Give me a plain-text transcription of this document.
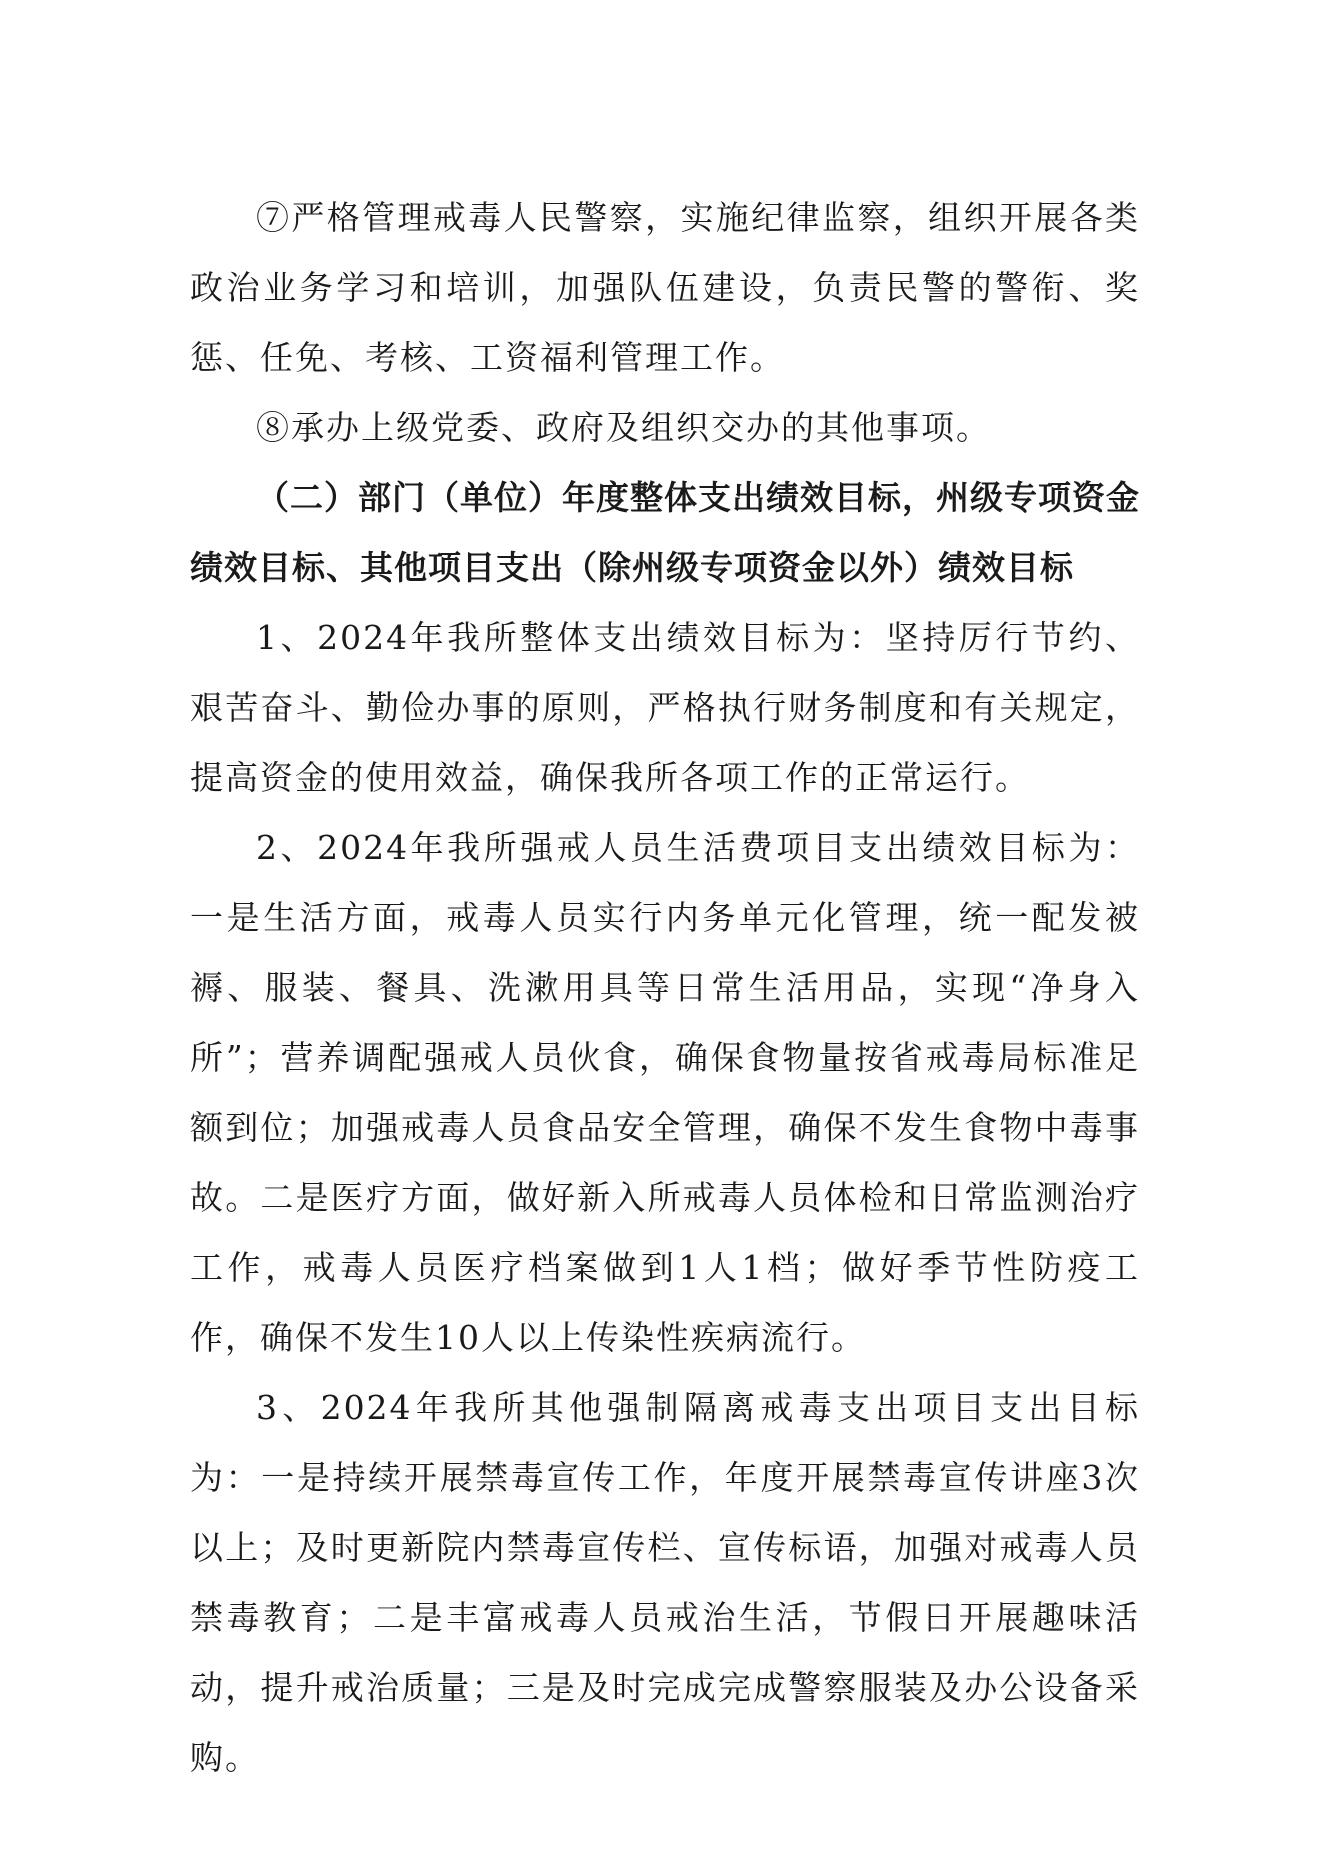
⑦严格管理戒毒人民警察，实施纪律监察，组织开展各类政治业务学习和培训，加强队伍建设，负责民警的警衔、奖惩、任免、考核、工资福利管理工作。

⑧承办上级党委、政府及组织交办的其他事项。

（二）部门（单位）年度整体支出绩效目标，州级专项资金绩效目标、其他项目支出（除州级专项资金以外）绩效目标

1、2024年我所整体支出绩效目标为：坚持厉行节约、艰苦奋斗、勤俭办事的原则，严格执行财务制度和有关规定，提高资金的使用效益，确保我所各项工作的正常运行。

2、2024年我所强戒人员生活费项目支出绩效目标为：一是生活方面，戒毒人员实行内务单元化管理，统一配发被褥、服装、餐具、洗漱用具等日常生活用品，实现“净身入所”；营养调配强戒人员伙食，确保食物量按省戒毒局标准足额到位；加强戒毒人员食品安全管理，确保不发生食物中毒事故。二是医疗方面，做好新入所戒毒人员体检和日常监测治疗工作，戒毒人员医疗档案做到1人1档；做好季节性防疫工作，确保不发生10人以上传染性疾病流行。

3、2024年我所其他强制隔离戒毒支出项目支出目标为：一是持续开展禁毒宣传工作，年度开展禁毒宣传讲座3次以上；及时更新院内禁毒宣传栏、宣传标语，加强对戒毒人员禁毒教育；二是丰富戒毒人员戒治生活，节假日开展趣味活动，提升戒治质量；三是及时完成完成警察服装及办公设备采购。
